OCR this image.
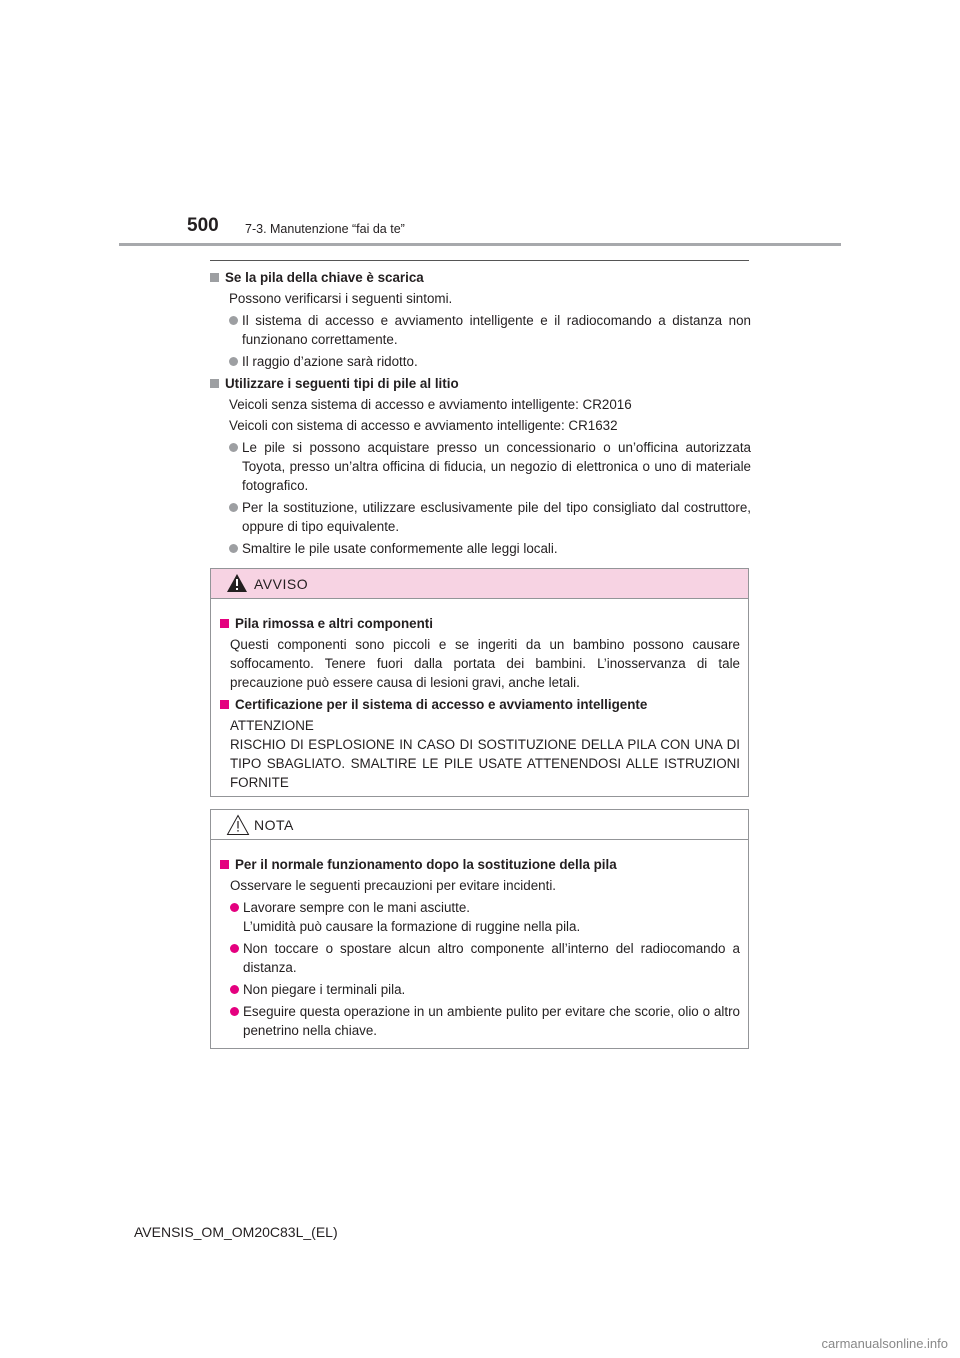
500 7-3. Manutenzione “fai da te”
Se la pila della chiave è scarica
Possono verificarsi i seguenti sintomi.
Il sistema di accesso e avviamento intelligente e il radiocomando a distanza non funzionano correttamente.
Il raggio d’azione sarà ridotto.
Utilizzare i seguenti tipi di pile al litio
Veicoli senza sistema di accesso e avviamento intelligente: CR2016
Veicoli con sistema di accesso e avviamento intelligente: CR1632
Le pile si possono acquistare presso un concessionario o un’officina autorizzata Toyota, presso un’altra officina di fiducia, un negozio di elettronica o uno di materiale fotografico.
Per la sostituzione, utilizzare esclusivamente pile del tipo consigliato dal costruttore, oppure di tipo equivalente.
Smaltire le pile usate conformemente alle leggi locali.
AVVISO
Pila rimossa e altri componenti
Questi componenti sono piccoli e se ingeriti da un bambino possono causare soffocamento. Tenere fuori dalla portata dei bambini. L’inosservanza di tale precauzione può essere causa di lesioni gravi, anche letali.
Certificazione per il sistema di accesso e avviamento intelligente
ATTENZIONE
RISCHIO DI ESPLOSIONE IN CASO DI SOSTITUZIONE DELLA PILA CON UNA DI TIPO SBAGLIATO. SMALTIRE LE PILE USATE ATTENENDOSI ALLE ISTRUZIONI FORNITE
NOTA
Per il normale funzionamento dopo la sostituzione della pila
Osservare le seguenti precauzioni per evitare incidenti.
Lavorare sempre con le mani asciutte.
L’umidità può causare la formazione di ruggine nella pila.
Non toccare o spostare alcun altro componente all’interno del radiocomando a distanza.
Non piegare i terminali pila.
Eseguire questa operazione in un ambiente pulito per evitare che scorie, olio o altro penetrino nella chiave.
AVENSIS_OM_OM20C83L_(EL)
carmanualsonline.info
